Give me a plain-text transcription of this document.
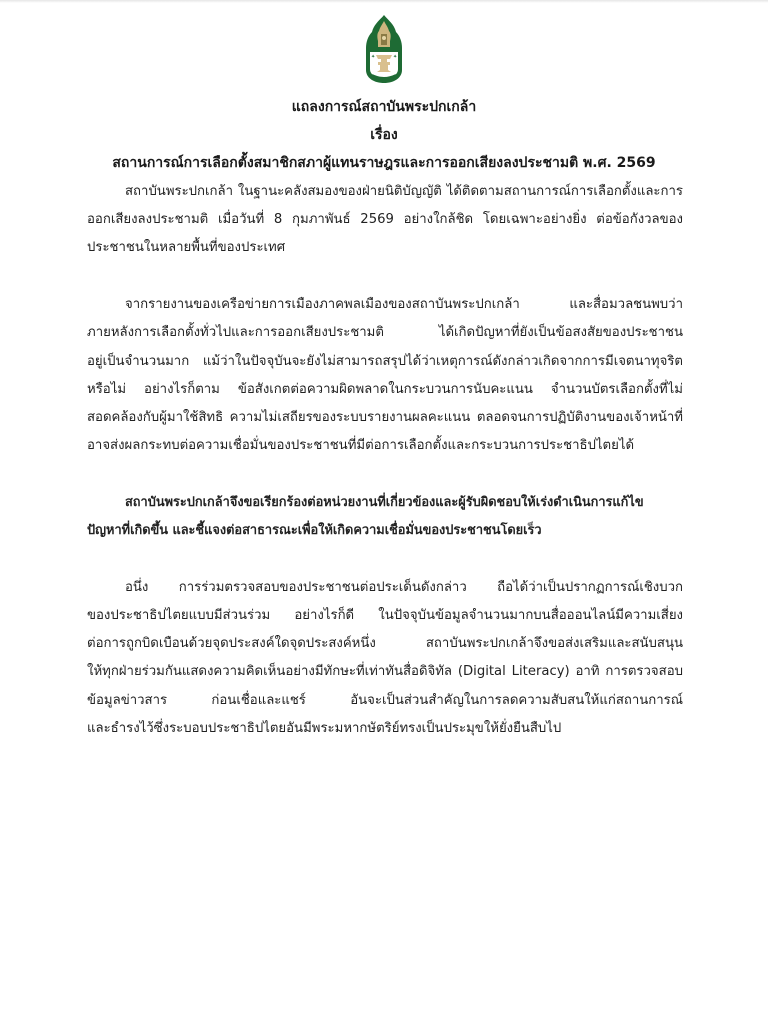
✦	✦
แถลงการณ์สถาบันพระปกเกล้า
เรื่อง
สถานการณ์การเลือกตั้งสมาชิกสภาผู้แทนราษฎรและการออกเสียงลงประชามติ พ.ศ. 2569
สถาบันพระปกเกล้า ในฐานะคลังสมองของฝ่ายนิติบัญญัติ ได้ติดตามสถานการณ์การเลือกตั้งและการ
ออกเสียงลงประชามติ เมื่อวันที่ 8 กุมภาพันธ์ 2569 อย่างใกล้ชิด โดยเฉพาะอย่างยิ่ง ต่อข้อกังวลของ
ประชาชนในหลายพื้นที่ของประเทศ
จากรายงานของเครือข่ายการเมืองภาคพลเมืองของสถาบันพระปกเกล้า และสื่อมวลชนพบว่า
ภายหลังการเลือกตั้งทั่วไปและการออกเสียงประชามติ ได้เกิดปัญหาที่ยังเป็นข้อสงสัยของประชาชน
อยู่เป็นจำนวนมาก แม้ว่าในปัจจุบันจะยังไม่สามารถสรุปได้ว่าเหตุการณ์ดังกล่าวเกิดจากการมีเจตนาทุจริต
หรือไม่ อย่างไรก็ตาม ข้อสังเกตต่อความผิดพลาดในกระบวนการนับคะแนน จำนวนบัตรเลือกตั้งที่ไม่
สอดคล้องกับผู้มาใช้สิทธิ ความไม่เสถียรของระบบรายงานผลคะแนน ตลอดจนการปฏิบัติงานของเจ้าหน้าที่
อาจส่งผลกระทบต่อความเชื่อมั่นของประชาชนที่มีต่อการเลือกตั้งและกระบวนการประชาธิปไตยได้
สถาบันพระปกเกล้าจึงขอเรียกร้องต่อหน่วยงานที่เกี่ยวข้องและผู้รับผิดชอบให้เร่งดำเนินการแก้ไข
ปัญหาที่เกิดขึ้น และชี้แจงต่อสาธารณะเพื่อให้เกิดความเชื่อมั่นของประชาชนโดยเร็ว
อนึ่ง การร่วมตรวจสอบของประชาชนต่อประเด็นดังกล่าว ถือได้ว่าเป็นปรากฏการณ์เชิงบวก
ของประชาธิปไตยแบบมีส่วนร่วม อย่างไรก็ดี ในปัจจุบันข้อมูลจำนวนมากบนสื่อออนไลน์มีความเสี่ยง
ต่อการถูกบิดเบือนด้วยจุดประสงค์ใดจุดประสงค์หนึ่ง สถาบันพระปกเกล้าจึงขอส่งเสริมและสนับสนุน
ให้ทุกฝ่ายร่วมกันแสดงความคิดเห็นอย่างมีทักษะที่เท่าทันสื่อดิจิทัล (Digital Literacy) อาทิ การตรวจสอบ
ข้อมูลข่าวสาร ก่อนเชื่อและแชร์ อันจะเป็นส่วนสำคัญในการลดความสับสนให้แก่สถานการณ์
และธำรงไว้ซึ่งระบอบประชาธิปไตยอันมีพระมหากษัตริย์ทรงเป็นประมุขให้ยั่งยืนสืบไป
